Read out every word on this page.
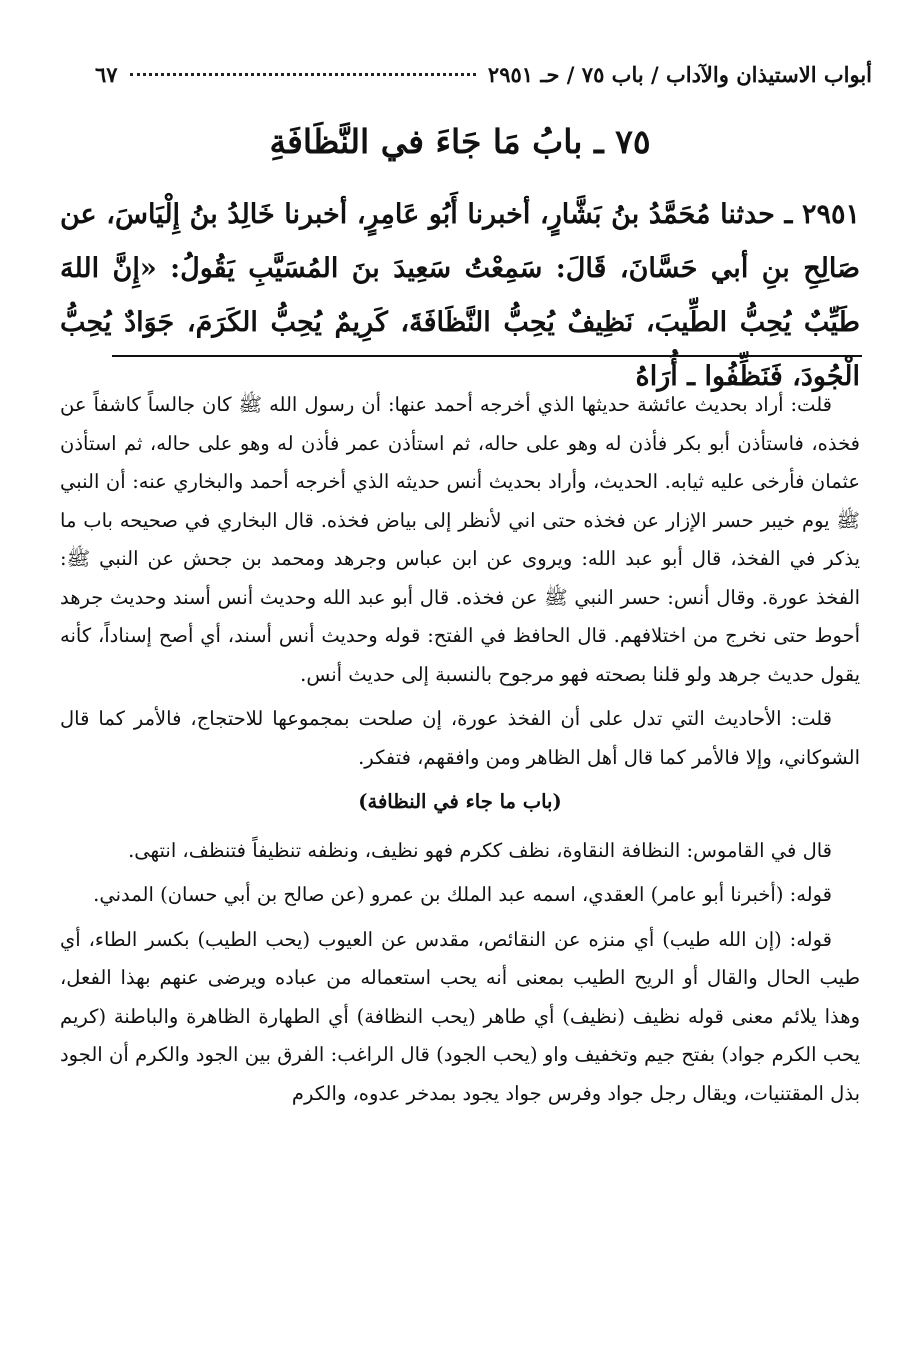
أبواب الاستيذان والآداب / باب ٧٥ / حـ ٢٩٥١
٦٧
٧٥ ـ بابُ مَا جَاءَ في النَّظَافَةِ

٢٩٥١ ـ حدثنا مُحَمَّدُ بنُ بَشَّارٍ، أخبرنا أَبُو عَامِرٍ، أخبرنا خَالِدُ بنُ إِلْيَاسَ، عن صَالِحِ بنِ أبي حَسَّانَ، قَالَ: سَمِعْتُ سَعِيدَ بنَ المُسَيَّبِ يَقُولُ: «إِنَّ اللهَ طَيِّبٌ يُحِبُّ الطِّيبَ، نَظِيفٌ يُحِبُّ النَّظَافَةَ، كَرِيمٌ يُحِبُّ الكَرَمَ، جَوَادٌ يُحِبُّ الْجُودَ، فَنَظِّفُوا ـ أُرَاهُ

قلت: أراد بحديث عائشة حديثها الذي أخرجه أحمد عنها: أن رسول الله ﷺ كان جالساً كاشفاً عن فخذه، فاستأذن أبو بكر فأذن له وهو على حاله، ثم استأذن عمر فأذن له وهو على حاله، ثم استأذن عثمان فأرخى عليه ثيابه. الحديث، وأراد بحديث أنس حديثه الذي أخرجه أحمد والبخاري عنه: أن النبي ﷺ يوم خيبر حسر الإزار عن فخذه حتى اني لأنظر إلى بياض فخذه. قال البخاري في صحيحه باب ما يذكر في الفخذ، قال أبو عبد الله: ويروى عن ابن عباس وجرهد ومحمد بن جحش عن النبي ﷺ: الفخذ عورة. وقال أنس: حسر النبي ﷺ عن فخذه. قال أبو عبد الله وحديث أنس أسند وحديث جرهد أحوط حتى نخرج من اختلافهم. قال الحافظ في الفتح: قوله وحديث أنس أسند، أي أصح إسناداً، كأنه يقول حديث جرهد ولو قلنا بصحته فهو مرجوح بالنسبة إلى حديث أنس.

قلت: الأحاديث التي تدل على أن الفخذ عورة، إن صلحت بمجموعها للاحتجاج، فالأمر كما قال الشوكاني، وإلا فالأمر كما قال أهل الظاهر ومن وافقهم، فتفكر.

(باب ما جاء في النظافة)

قال في القاموس: النظافة النقاوة، نظف ككرم فهو نظيف، ونظفه تنظيفاً فتنظف، انتهى.

قوله: (أخبرنا أبو عامر) العقدي، اسمه عبد الملك بن عمرو (عن صالح بن أبي حسان) المدني.

قوله: (إن الله طيب) أي منزه عن النقائص، مقدس عن العيوب (يحب الطيب) بكسر الطاء، أي طيب الحال والقال أو الريح الطيب بمعنى أنه يحب استعماله من عباده ويرضى عنهم بهذا الفعل، وهذا يلائم معنى قوله نظيف (نظيف) أي طاهر (يحب النظافة) أي الطهارة الظاهرة والباطنة (كريم يحب الكرم جواد) بفتح جيم وتخفيف واو (يحب الجود) قال الراغب: الفرق بين الجود والكرم أن الجود بذل المقتنيات، ويقال رجل جواد وفرس جواد يجود بمدخر عدوه، والكرم
